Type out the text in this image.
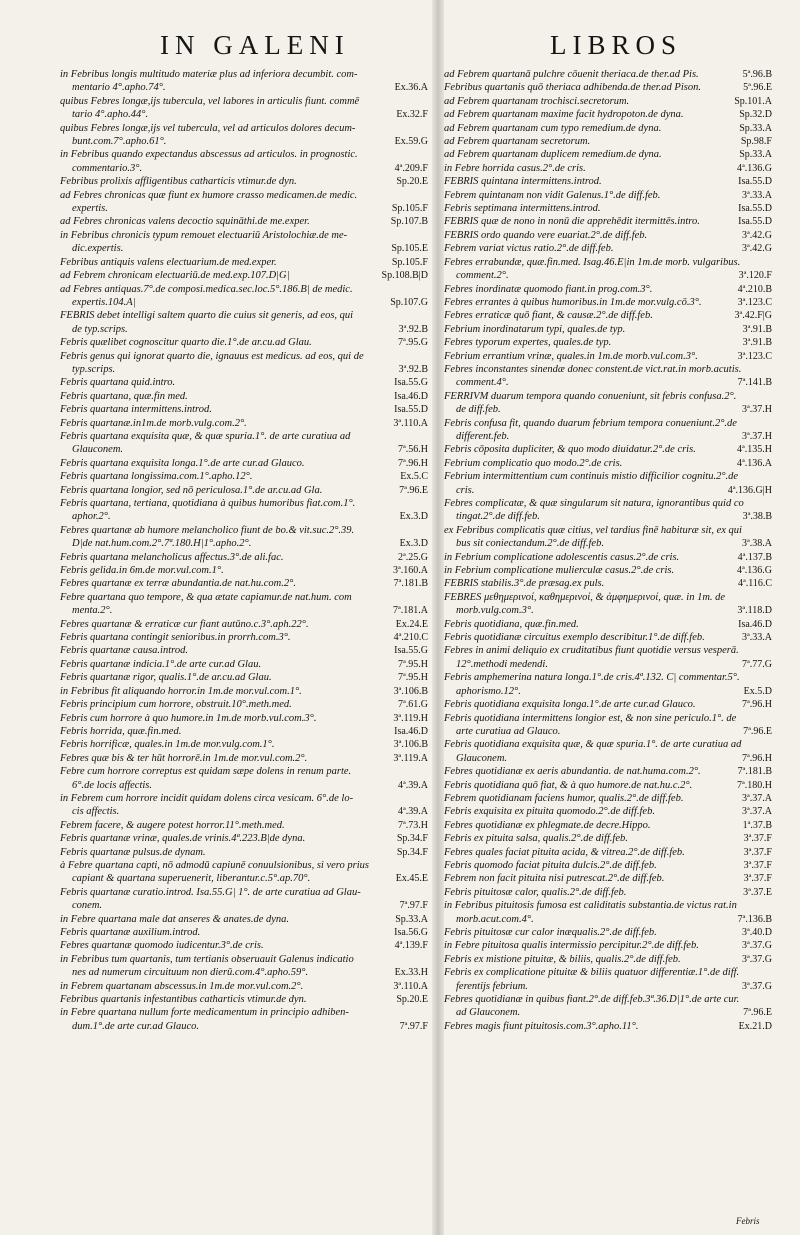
IN GALENI	LIBROS
in Febribus longis multitudo materiæ plus ad inferiora decumbit. com-
mentario 4°.apho.74°.	Ex.36.A
quibus Febres longæ,ijs tubercula, vel labores in articulis fiunt. commē
tario 4°.apho.44°.	Ex.32.F
quibus Febres longæ,ijs vel tubercula, vel ad articulos dolores decum-
bunt.com.7°.apho.61°.	Ex.59.G
in Febribus quando expectandus abscessus ad articulos. in prognostic.
commentario.3°.	4ª.209.F
Febribus prolixis affligentibus catharticis vtimur.de dyn.	Sp.20.E
ad Febres chronicas quæ fiunt ex humore crasso medicamen.de medic.
expertis.	Sp.105.F
ad Febres chronicas valens decoctio squināthi.de me.exper.	Sp.107.B
in Febribus chronicis typum remouet electuariū Aristolochiæ.de me-
dic.expertis.	Sp.105.E
Febribus antiquis valens electuarium.de med.exper.	Sp.105.F
ad Febrem chronicam electuariū.de med.exp.107.D|G|	Sp.108.B|D
ad Febres antiquas.7°.de composi.medica.sec.loc.5°.186.B| de medic.
expertis.104.A|	Sp.107.G
FEBRIS debet intelligi saltem quarto die cuius sit generis, ad eos, qui
de typ.scrips.	3ª.92.B
Febris quælibet cognoscitur quarto die.1°.de ar.cu.ad Glau.	7ª.95.G
Febris genus qui ignorat quarto die, ignauus est medicus. ad eos, qui de
typ.scrips.	3ª.92.B
Febris quartana quid.intro.	Isa.55.G
Febris quartana, quæ.fin med.	Isa.46.D
Febris quartana intermittens.introd.	Isa.55.D
Febris quartanæ.in1m.de morb.vulg.com.2°.	3ª.110.A
Febris quartana exquisita quæ, & quæ spuria.1°. de arte curatiua ad
Glauconem.	7ª.56.H
Febris quartana exquisita longa.1°.de arte cur.ad Glauco.	7ª.96.H
Febris quartana longissima.com.1°.apho.12°.	Ex.5.C
Febris quartana longior, sed nō periculosa.1°.de ar.cu.ad Gla.	7ª.96.E
Febris quartana, tertiana, quotidiana à quibus humoribus fiat.com.1°.
aphor.2°.	Ex.3.D
Febres quartanæ ab humore melancholico fiunt de bo.& vit.suc.2°.39.
D|de nat.hum.com.2°.7ª.180.H|1°.apho.2°.	Ex.3.D
Febris quartana melancholicus affectus.3°.de ali.fac.	2ª.25.G
Febris gelida.in 6m.de mor.vul.com.1°.	3ª.160.A
Febres quartanæ ex terræ abundantia.de nat.hu.com.2°.	7ª.181.B
Febre quartana quo tempore, & qua ætate capiamur.de nat.hum. com
menta.2°.	7ª.181.A
Febres quartanæ & erraticæ cur fiant autūno.c.3°.aph.22°.	Ex.24.E
Febris quartana contingit senioribus.in prorrh.com.3°.	4ª.210.C
Febris quartanæ causa.introd.	Isa.55.G
Febris quartanæ indicia.1°.de arte cur.ad Glau.	7ª.95.H
Febris quartanæ rigor, qualis.1°.de ar.cu.ad Glau.	7ª.95.H
in Febribus fit aliquando horror.in 1m.de mor.vul.com.1°.	3ª.106.B
Febris principium cum horrore, obstruit.10°.meth.med.	7ª.61.G
Febris cum horrore à quo humore.in 1m.de morb.vul.com.3°.	3ª.119.H
Febris horrida, quæ.fin.med.	Isa.46.D
Febris horrificæ, quales.in 1m.de mor.vulg.com.1°.	3ª.106.B
Febres quæ bis & ter hūt horrorē.in 1m.de mor.vul.com.2°.	3ª.119.A
Febre cum horrore correptus est quidam sæpe dolens in renum parte.
6°.de locis affectis.	4ª.39.A
in Febrem cum horrore incidit quidam dolens circa vesicam. 6°.de lo-
cis affectis.	4ª.39.A
Febrem facere, & augere potest horror.11°.meth.med.	7ª.73.H
Febris quartanæ vrinæ, quales.de vrinis.4ª.223.B|de dyna.	Sp.34.F
Febris quartanæ pulsus.de dynam.	Sp.34.F
à Febre quartana capti, nō admodū capiunē conuulsionibus, si vero prius
capiant & quartana superuenerit, liberantur.c.5°.ap.70°.	Ex.45.E
Febris quartanæ curatio.introd. Isa.55.G| 1°. de arte curatiua ad Glau-
conem.	7ª.97.F
in Febre quartana male dat anseres & anates.de dyna.	Sp.33.A
Febris quartanæ auxilium.introd.	Isa.56.G
Febres quartanæ quomodo iudicentur.3°.de cris.	4ª.139.F
in Febribus tum quartanis, tum tertianis obseruauit Galenus indicatio
nes ad numerum circuituum non dierū.com.4°.apho.59°.	Ex.33.H
in Febrem quartanam abscessus.in 1m.de mor.vul.com.2°.	3ª.110.A
Febribus quartanis infestantibus catharticis vtimur.de dyn.	Sp.20.E
in Febre quartana nullum forte medicamentum in principio adhiben-
dum.1°.de arte cur.ad Glauco.	7ª.97.F
ad Febrem quartanā pulchre cōuenit theriaca.de ther.ad Pis.	5ª.96.B
Febribus quartanis quō theriaca adhibenda.de ther.ad Pison.	5ª.96.E
ad Febrem quartanam trochisci.secretorum.	Sp.101.A
ad Febrem quartanam maxime facit hydropoton.de dyna.	Sp.32.D
ad Febrem quartanam cum typo remedium.de dyna.	Sp.33.A
ad Febrem quartanam secretorum.	Sp.98.F
ad Febrem quartanam duplicem remedium.de dyna.	Sp.33.A
in Febre horrida casus.2°.de cris.	4ª.136.G
FEBRIS quintana intermittens.introd.	Isa.55.D
Febrem quintanam non vidit Galenus.1°.de diff.feb.	3ª.33.A
Febris septimana intermittens.introd.	Isa.55.D
FEBRIS quæ de nono in nonū die apprehēdit itermittēs.intro.	Isa.55.D
FEBRIS ordo quando vere euariat.2°.de diff.feb.	3ª.42.G
Febrem variat victus ratio.2°.de diff.feb.	3ª.42.G
Febres errabundæ, quæ.fin.med. Isag.46.E|in 1m.de morb. vulgaribus.
comment.2°.	3ª.120.F
Febres inordinatæ quomodo fiant.in prog.com.3°.	4ª.210.B
Febres errantes à quibus humoribus.in 1m.de mor.vulg.cō.3°.	3ª.123.C
Febres erraticæ quō fiant, & causæ.2°.de diff.feb.	3ª.42.F|G
Febrium inordinatarum typi, quales.de typ.	3ª.91.B
Febres typorum expertes, quales.de typ.	3ª.91.B
Febrium errantium vrinæ, quales.in 1m.de morb.vul.com.3°.	3ª.123.C
Febres inconstantes sinendæ donec constent.de vict.rat.in morb.acutis.
comment.4°.	7ª.141.B
FERRIVM duarum tempora quando conueniunt, sit febris confusa.2°.
de diff.feb.	3ª.37.H
Febris confusa fit, quando duarum febrium tempora conueniunt.2°.de
different.feb.	3ª.37.H
Febris cōposita dupliciter, & quo modo diuidatur.2°.de cris.	4ª.135.H
Febrium complicatio quo modo.2°.de cris.	4ª.136.A
Febrium intermittentium cum continuis mistio difficilior cognitu.2°.de
cris.	4ª.136.G|H
Febres complicatæ, & quæ singularum sit natura, ignorantibus quid co
tingat.2°.de diff.feb.	3ª.38.B
ex Febribus complicatis quæ citius, vel tardius finē habituræ sit, ex qui
bus sit coniectandum.2°.de diff.feb.	3ª.38.A
in Febrium complicatione adolescentis casus.2°.de cris.	4ª.137.B
in Febrium complicatione mulierculæ casus.2°.de cris.	4ª.136.G
FEBRIS stabilis.3°.de præsag.ex puls.	4ª.116.C
FEBRES μεθημερινοί, καθημερινοί, & ἀμφημερινοί, quæ. in 1m. de
morb.vulg.com.3°.	3ª.118.D
Febris quotidiana, quæ.fin.med.	Isa.46.D
Febris quotidianæ circuitus exemplo describitur.1°.de diff.feb.	3ª.33.A
Febres in animi deliquio ex cruditatibus fiunt quotidie versus vesperā.
12°.methodi medendi.	7ª.77.G
Febris amphemerina natura longa.1°.de cris.4ª.132. C| commentar.5°.
aphorismo.12°.	Ex.5.D
Febris quotidiana exquisita longa.1°.de arte cur.ad Glauco.	7ª.96.H
Febris quotidiana intermittens longior est, & non sine periculo.1°. de
arte curatiua ad Glauco.	7ª.96.E
Febris quotidiana exquisita quæ, & quæ spuria.1°. de arte curatiua ad
Glauconem.	7ª.96.H
Febres quotidianæ ex aeris abundantia. de nat.huma.com.2°.	7ª.181.B
Febris quotidiana quō fiat, & à quo humore.de nat.hu.c.2°.	7ª.180.H
Febrem quotidianam faciens humor, qualis.2°.de diff.feb.	3ª.37.A
Febris exquisita ex pituita quomodo.2°.de diff.feb.	3ª.37.A
Febres quotidianæ ex phlegmate.de decre.Hippo.	1ª.37.B
Febris ex pituita salsa, qualis.2°.de diff.feb.	3ª.37.F
Febres quales faciat pituita acida, & vitrea.2°.de diff.feb.	3ª.37.F
Febris quomodo faciat pituita dulcis.2°.de diff.feb.	3ª.37.F
Febrem non facit pituita nisi putrescat.2°.de diff.feb.	3ª.37.F
Febris pituitosæ calor, qualis.2°.de diff.feb.	3ª.37.E
in Febribus pituitosis fumosa est caliditatis substantia.de victus rat.in
morb.acut.com.4°.	7ª.136.B
Febris pituitosæ cur calor inæqualis.2°.de diff.feb.	3ª.40.D
in Febre pituitosa qualis intermissio percipitur.2°.de diff.feb.	3ª.37.G
Febris ex mistione pituitæ, & biliis, qualis.2°.de diff.feb.	3ª.37.G
Febris ex complicatione pituitæ & biliis quatuor differentiæ.1°.de diff.
ferentijs febrium.	3ª.37.G
Febres quotidianæ in quibus fiant.2°.de diff.feb.3ª.36.D|1°.de arte cur.
ad Glauconem.	7ª.96.E
Febres magis fiunt pituitosis.com.3°.apho.11°.	Ex.21.D
Febris
